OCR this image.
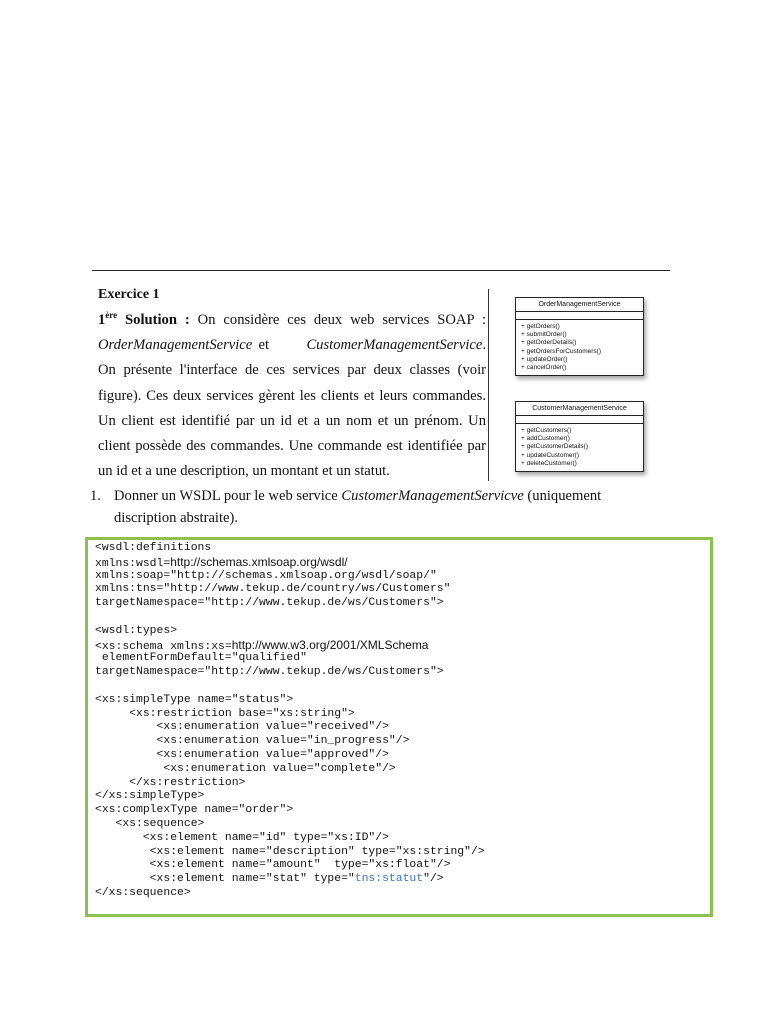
Exercice 1
1ère Solution : On considère ces deux web services SOAP : OrderManagementService et	CustomerManagementService. On présente l'interface de ces services par deux classes (voir figure). Ces deux services gèrent les clients et leurs commandes. Un client est identifié par un id et a un nom et un prénom. Un client possède des commandes. Une commande est identifiée par un id et a une description, un montant et un statut.
OrderManagementService
+ getOrders()
+ submitOrder()
+ getOrderDetails()
+ getOrdersForCustomers()
+ updateOrder()
+ cancelOrder()
CustomerManagementService
+ getCustomers()
+ addCustomer()
+ getCustomerDetails()
+ updateCustomer()
+ deleteCustomer()
1. Donner un WSDL pour le web service CustomerManagementServicve (uniquement
discription abstraite).
<wsdl:definitions
xmlns:wsdl=http://schemas.xmlsoap.org/wsdl/
xmlns:soap="http://schemas.xmlsoap.org/wsdl/soap/"
xmlns:tns="http://www.tekup.de/country/ws/Customers"
targetNamespace="http://www.tekup.de/ws/Customers">
<wsdl:types>
<xs:schema xmlns:xs=http://www.w3.org/2001/XMLSchema
elementFormDefault="qualified"
targetNamespace="http://www.tekup.de/ws/Customers">
<xs:simpleType name="status">
<xs:restriction base="xs:string">
<xs:enumeration value="received"/>
<xs:enumeration value="in_progress"/>
<xs:enumeration value="approved"/>
<xs:enumeration value="complete"/>
</xs:restriction>
</xs:simpleType>
<xs:complexType name="order">
<xs:sequence>
<xs:element name="id" type="xs:ID"/>
<xs:element name="description" type="xs:string"/>
<xs:element name="amount"  type="xs:float"/>
<xs:element name="stat" type="tns:statut"/>
</xs:sequence>
